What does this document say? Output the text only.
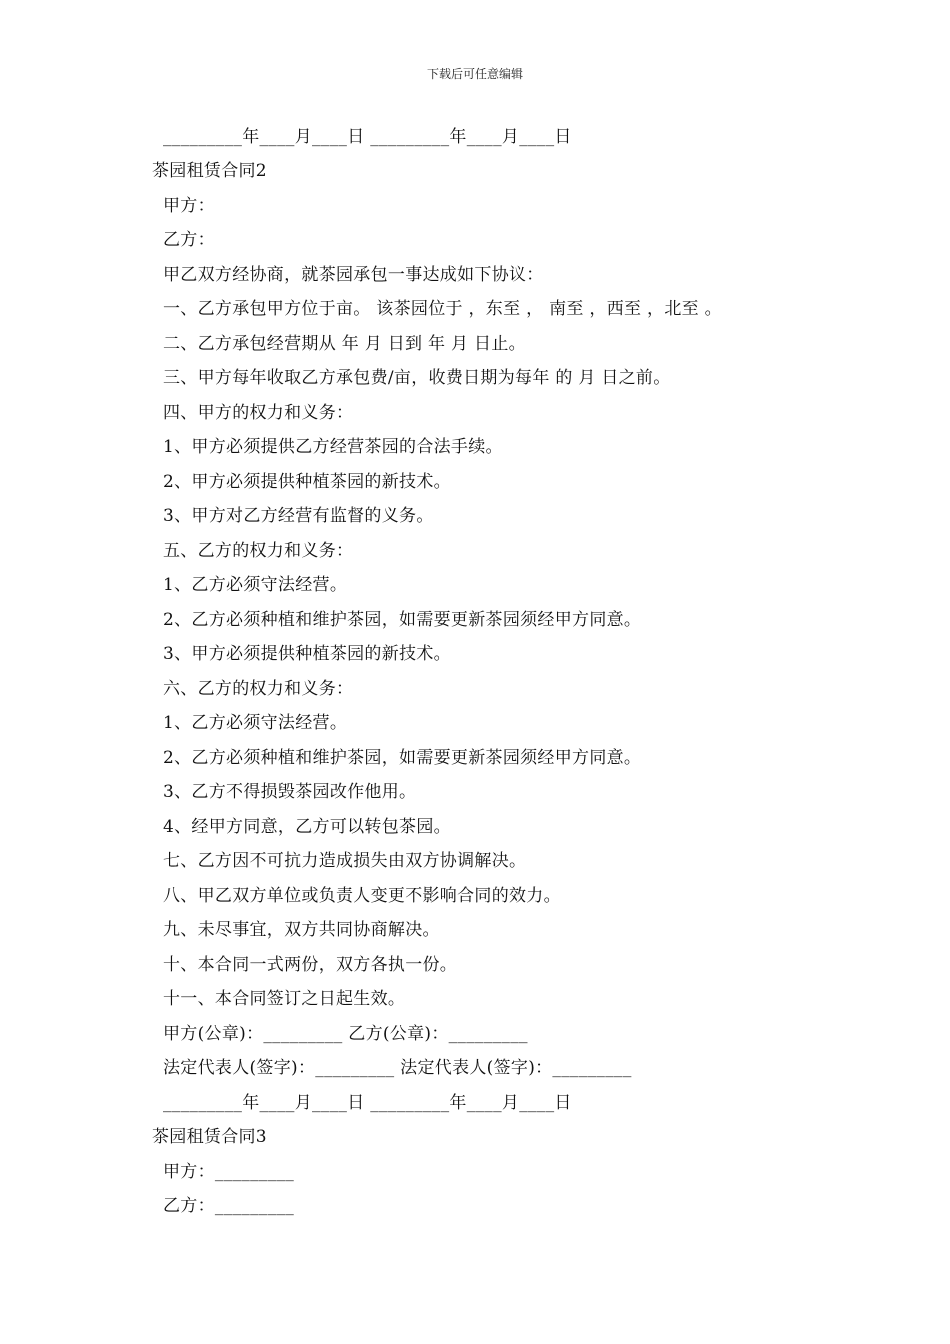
下载后可任意编辑
_________年____月____日 _________年____月____日
茶园租赁合同2
甲方：
乙方：
甲乙双方经协商，就茶园承包一事达成如下协议：
一、乙方承包甲方位于亩。 该茶园位于 ，东至 ， 南至 ，西至 ，北至 。
二、乙方承包经营期从 年 月 日到 年 月 日止。
三、甲方每年收取乙方承包费/亩，收费日期为每年 的 月 日之前。
四、甲方的权力和义务：
1、甲方必须提供乙方经营茶园的合法手续。
2、甲方必须提供种植茶园的新技术。
3、甲方对乙方经营有监督的义务。
五、乙方的权力和义务：
1、乙方必须守法经营。
2、乙方必须种植和维护茶园，如需要更新茶园须经甲方同意。
3、甲方必须提供种植茶园的新技术。
六、乙方的权力和义务：
1、乙方必须守法经营。
2、乙方必须种植和维护茶园，如需要更新茶园须经甲方同意。
3、乙方不得损毁茶园改作他用。
4、经甲方同意，乙方可以转包茶园。
七、乙方因不可抗力造成损失由双方协调解决。
八、甲乙双方单位或负责人变更不影响合同的效力。
九、未尽事宜，双方共同协商解决。
十、本合同一式两份，双方各执一份。
十一、本合同签订之日起生效。
甲方(公章)：_________ 乙方(公章)：_________
法定代表人(签字)：_________ 法定代表人(签字)：_________
_________年____月____日 _________年____月____日
茶园租赁合同3
甲方：_________
乙方：_________
